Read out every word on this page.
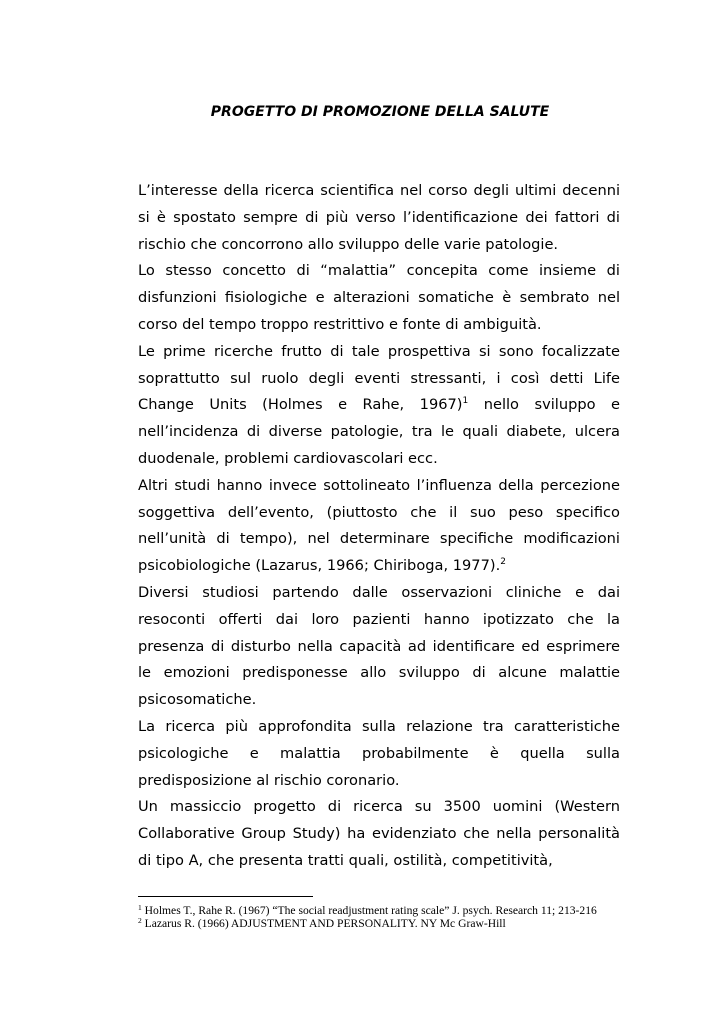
PROGETTO DI PROMOZIONE DELLA SALUTE

L’interesse della ricerca scientifica nel corso degli ultimi decenni si è spostato sempre di più verso l’identificazione dei fattori di rischio che concorrono allo sviluppo delle varie patologie.

Lo stesso concetto di “malattia” concepita come insieme di disfunzioni fisiologiche e alterazioni somatiche è sembrato nel corso del tempo troppo restrittivo e fonte di ambiguità.

Le prime ricerche frutto di tale prospettiva si sono focalizzate soprattutto sul ruolo degli eventi stressanti, i così detti Life Change Units (Holmes e Rahe, 1967)$^1$ nello sviluppo e nell’incidenza di diverse patologie, tra le quali diabete, ulcera duodenale, problemi cardiovascolari ecc.

Altri studi hanno invece sottolineato l’influenza della percezione soggettiva dell’evento, (piuttosto che il suo peso specifico nell’unità di tempo), nel determinare specifiche modificazioni psicobiologiche (Lazarus, 1966; Chiriboga, 1977).$^2$

Diversi studiosi partendo dalle osservazioni cliniche e dai resoconti offerti dai loro pazienti hanno ipotizzato che la presenza di disturbo nella capacità ad identificare ed esprimere le emozioni predisponesse allo sviluppo di alcune malattie psicosomatiche.

La ricerca più approfondita sulla relazione tra caratteristiche psicologiche e malattia probabilmente è quella sulla predisposizione al rischio coronario.

Un massiccio progetto di ricerca su 3500 uomini (Western Collaborative Group Study) ha evidenziato che nella personalità di tipo A, che presenta tratti quali, ostilità, competitività,

$^1$ Holmes T., Rahe R. (1967) “The social readjustment rating scale” J. psych. Research 11; 213-216

$^2$ Lazarus R. (1966) ADJUSTMENT AND PERSONALITY. NY Mc Graw-Hill
